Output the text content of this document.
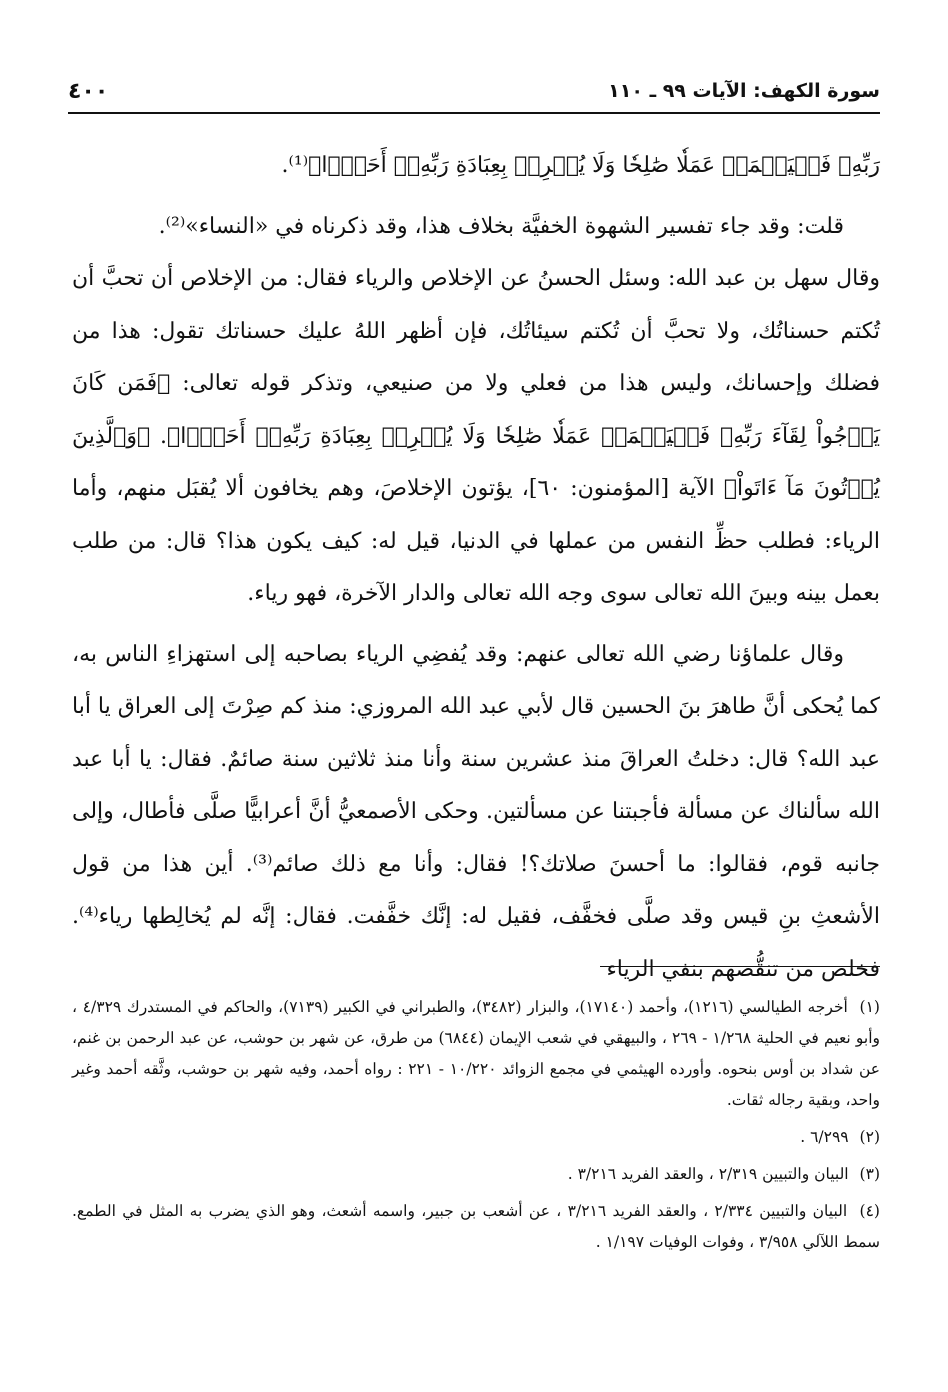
سورة الكهف: الآيات ٩٩ ـ ١١٠
٤٠٠

رَبِّهِۦ فَلۡيَعۡمَلۡ عَمَلٗا صَٰلِحٗا وَلَا يُشۡرِكۡ بِعِبَادَةِ رَبِّهِۦٓ أَحَدَۢا﴾⁽¹⁾.

قلت: وقد جاء تفسير الشهوة الخفيَّة بخلاف هذا، وقد ذكرناه في «النساء»⁽²⁾.

وقال سهل بن عبد الله: وسئل الحسنُ عن الإخلاص والرياء فقال: من الإخلاص أن تحبَّ أن تُكتم حسناتُك، ولا تحبَّ أن تُكتم سيئاتُك، فإن أظهر اللهُ عليك حسناتك تقول: هذا من فضلك وإحسانك، وليس هذا من فعلي ولا من صنيعي، وتذكر قوله تعالى: ﴿فَمَن كَانَ يَرۡجُواْ لِقَآءَ رَبِّهِۦ فَلۡيَعۡمَلۡ عَمَلٗا صَٰلِحٗا وَلَا يُشۡرِكۡ بِعِبَادَةِ رَبِّهِۦٓ أَحَدَۢا﴾. ﴿وَٱلَّذِينَ يُؤۡتُونَ مَآ ءَاتَواْ﴾ الآية [المؤمنون: ٦٠]، يؤتون الإخلاصَ، وهم يخافون ألا يُقبَل منهم، وأما الرياء: فطلب حظِّ النفس من عملها في الدنيا، قيل له: كيف يكون هذا؟ قال: من طلب بعمل بينه وبينَ الله تعالى سوى وجه الله تعالى والدار الآخرة، فهو رياء.

وقال علماؤنا رضي الله تعالى عنهم: وقد يُفضِي الرياء بصاحبه إلى استهزاءِ الناس به، كما يُحكى أنَّ طاهرَ بنَ الحسين قال لأبي عبد الله المروزي: منذ كم صِرْتَ إلى العراق يا أبا عبد الله؟ قال: دخلتُ العراقَ منذ عشرين سنة وأنا منذ ثلاثين سنة صائمٌ. فقال: يا أبا عبد الله سألناك عن مسألة فأجبتنا عن مسألتين. وحكى الأصمعيُّ أنَّ أعرابيًّا صلَّى فأطال، وإلى جانبه قوم، فقالوا: ما أحسنَ صلاتك؟! فقال: وأنا مع ذلك صائم⁽³⁾. أين هذا من قول الأشعثِ بنِ قيس وقد صلَّى فخفَّف، فقيل له: إنَّك خفَّفت. فقال: إنَّه لم يُخالِطها رياء⁽⁴⁾. فخلص من تنقُّصهم بنفي الرياء

(١) أخرجه الطيالسي (١٢١٦)، وأحمد (١٧١٤٠)، والبزار (٣٤٨٢)، والطبراني في الكبير (٧١٣٩)، والحاكم في المستدرك ٤/٣٢٩ ، وأبو نعيم في الحلية ١/٢٦٨ - ٢٦٩ ، والبيهقي في شعب الإيمان (٦٨٤٤) من طرق، عن شهر بن حوشب، عن عبد الرحمن بن غنم، عن شداد بن أوس بنحوه. وأورده الهيثمي في مجمع الزوائد ١٠/٢٢٠ - ٢٢١ : رواه أحمد، وفيه شهر بن حوشب، وثَّقه أحمد وغير واحد، وبقية رجاله ثقات.

(٢) ٦/٢٩٩ .

(٣) البيان والتبيين ٢/٣١٩ ، والعقد الفريد ٣/٢١٦ .

(٤) البيان والتبيين ٢/٣٣٤ ، والعقد الفريد ٣/٢١٦ ، عن أشعب بن جبير، واسمه أشعث، وهو الذي يضرب به المثل في الطمع. سمط اللآلي ٣/٩٥٨ ، وفوات الوفيات ١/١٩٧ .
